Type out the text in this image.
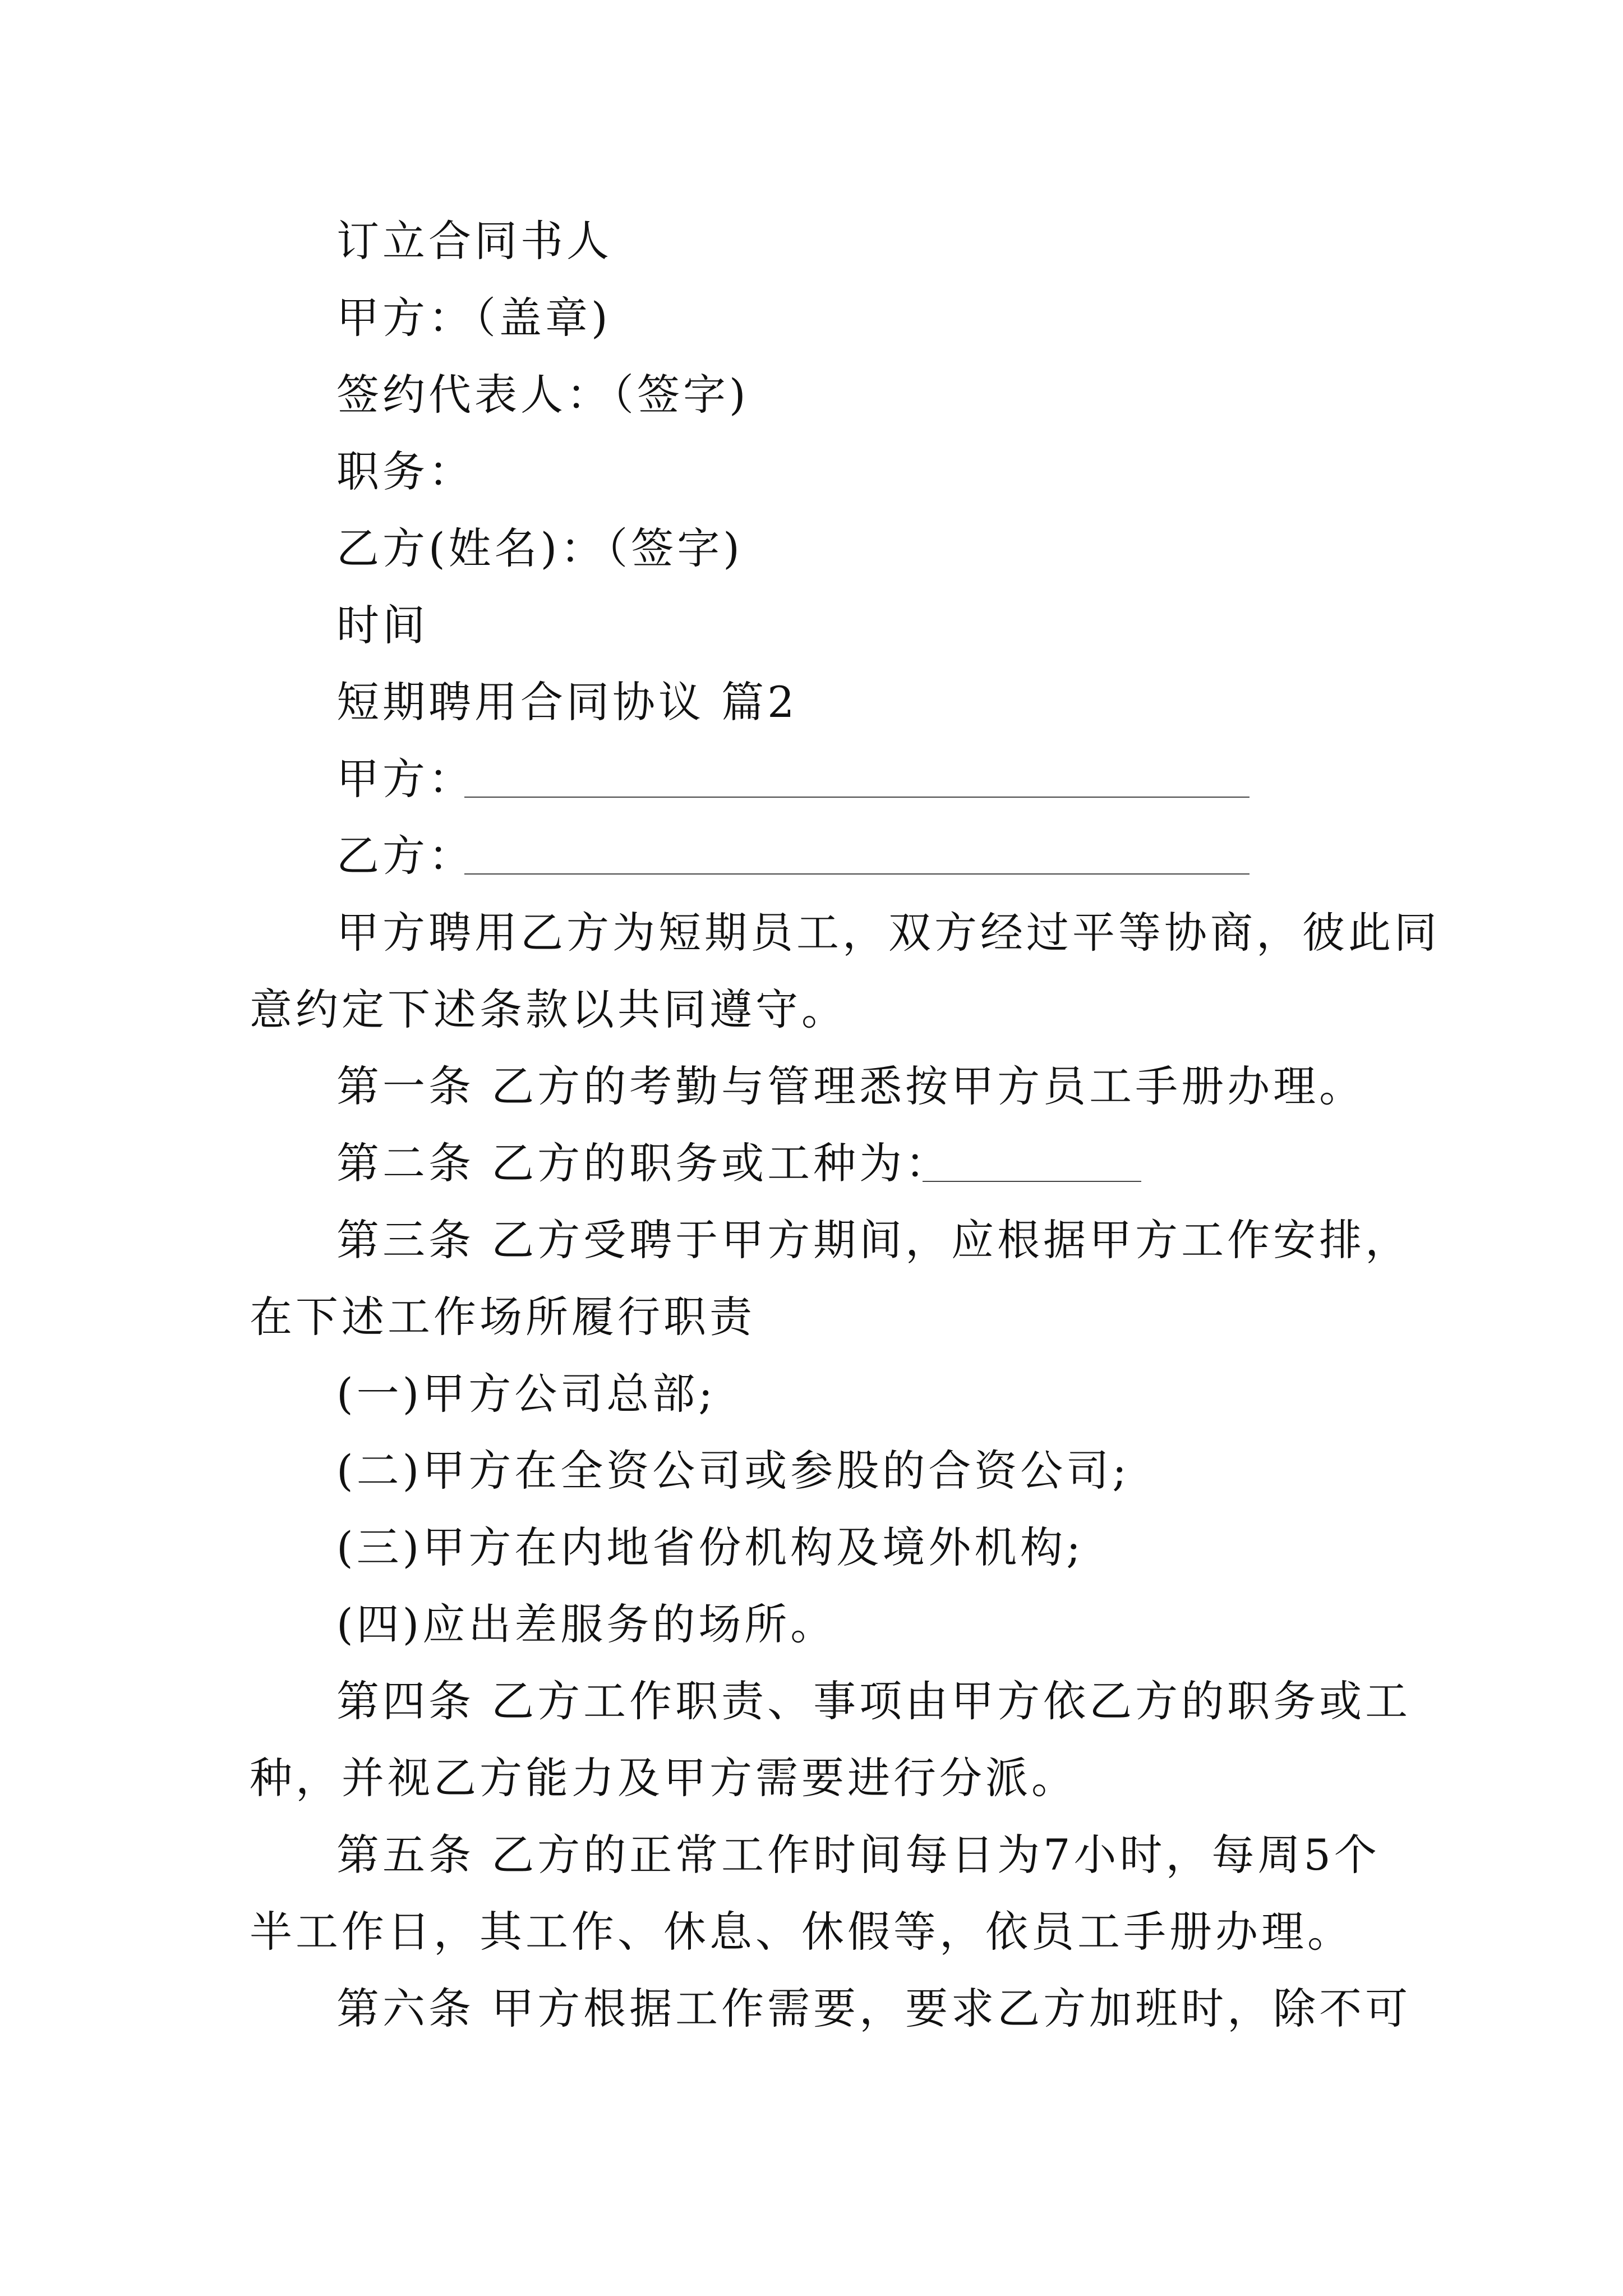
订立合同书人
甲方：（盖章)
签约代表人：（签字)
职务：
乙方(姓名)：（签字)
时间
短期聘用合同协议 篇2
甲方：
乙方：
甲方聘用乙方为短期员工，双方经过平等协商，彼此同
意约定下述条款以共同遵守。
第一条 乙方的考勤与管理悉按甲方员工手册办理。
第二条 乙方的职务或工种为：
第三条 乙方受聘于甲方期间，应根据甲方工作安排，
在下述工作场所履行职责
(一)甲方公司总部;
(二)甲方在全资公司或参股的合资公司;
(三)甲方在内地省份机构及境外机构;
(四)应出差服务的场所。
第四条 乙方工作职责、事项由甲方依乙方的职务或工
种，并视乙方能力及甲方需要进行分派。
第五条 乙方的正常工作时间每日为7小时，每周5个
半工作日，其工作、休息、休假等，依员工手册办理。
第六条 甲方根据工作需要，要求乙方加班时，除不可
